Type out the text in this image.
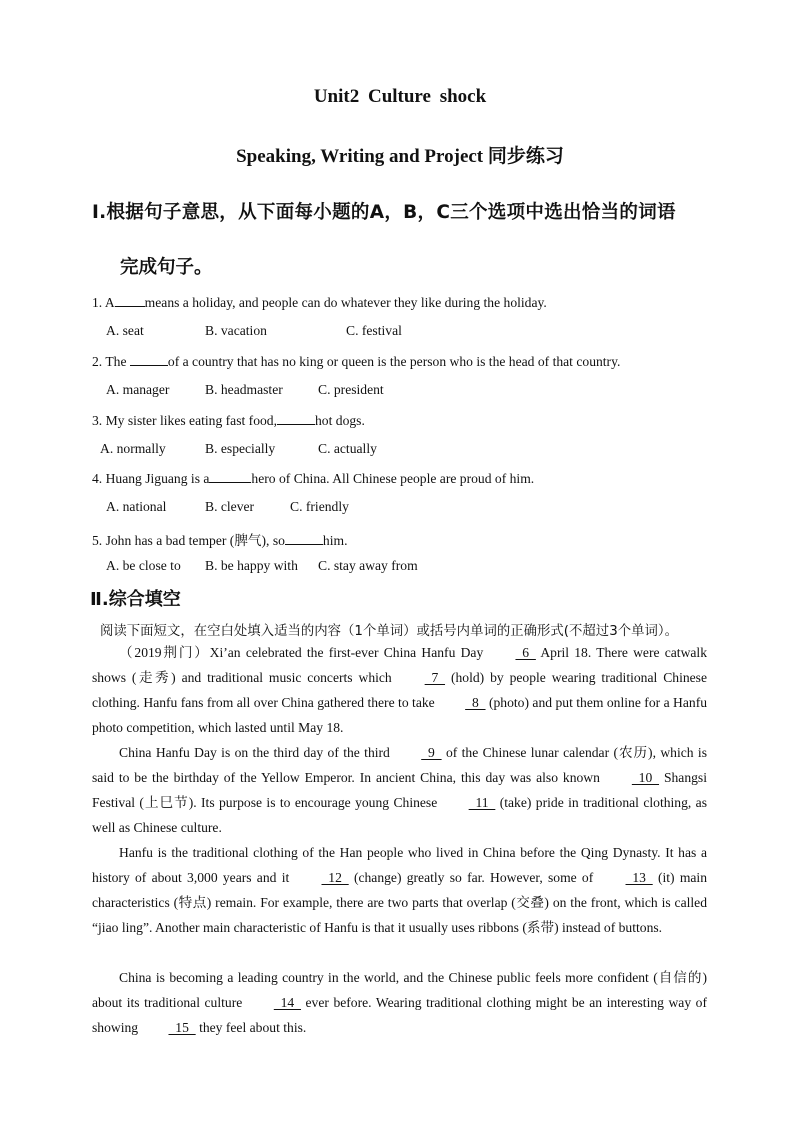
Unit2 Culture shock
Speaking, Writing and Project 同步练习
Ⅰ.根据句子意思，从下面每小题的A，B，C三个选项中选出恰当的词语
完成句子。
1. A means a holiday, and people can do whatever they like during the holiday.
A. seat	B. vacation	C. festival
2. The	of a country that has no king or queen is the person who is the head of that country.
A. manager	B. headmaster	C. president
3. My sister likes eating fast food,	hot dogs.
A. normally	B. especially	C. actually
4. Huang Jiguang is a	hero of China. All Chinese people are proud of him.
A. national	B. clever	C. friendly
5. John has a bad temper (脾气), so	him.
A. be close to B. be happy with C. stay away from
Ⅱ.综合填空
阅读下面短文，在空白处填入适当的内容（1个单词）或括号内单词的正确形式(不超过3个单词）。
（2019荆门）Xi’an celebrated the first-ever China Hanfu Day   6   April 18. There were catwalk shows (走秀) and traditional music concerts which   7   (hold) by people wearing traditional Chinese clothing. Hanfu fans from all over China gathered there to take   8   (photo) and put them online for a Hanfu photo competition, which lasted until May 18.
China Hanfu Day is on the third day of the third   9   of the Chinese lunar calendar (农历), which is said to be the birthday of the Yellow Emperor. In ancient China, this day was also known   10   Shangsi Festival (上巳节). Its purpose is to encourage young Chinese   11   (take) pride in traditional clothing, as well as Chinese culture.
Hanfu is the traditional clothing of the Han people who lived in China before the Qing Dynasty. It has a history of about 3,000 years and it   12   (change) greatly so far. However, some of   13   (it) main characteristics (特点) remain. For example, there are two parts that overlap (交叠) on the front, which is called “jiao ling”. Another main characteristic of Hanfu is that it usually uses ribbons (系带) instead of buttons.
China is becoming a leading country in the world, and the Chinese public feels more confident (自信的) about its traditional culture   14   ever before. Wearing traditional clothing might be an interesting way of showing   15   they feel about this.
